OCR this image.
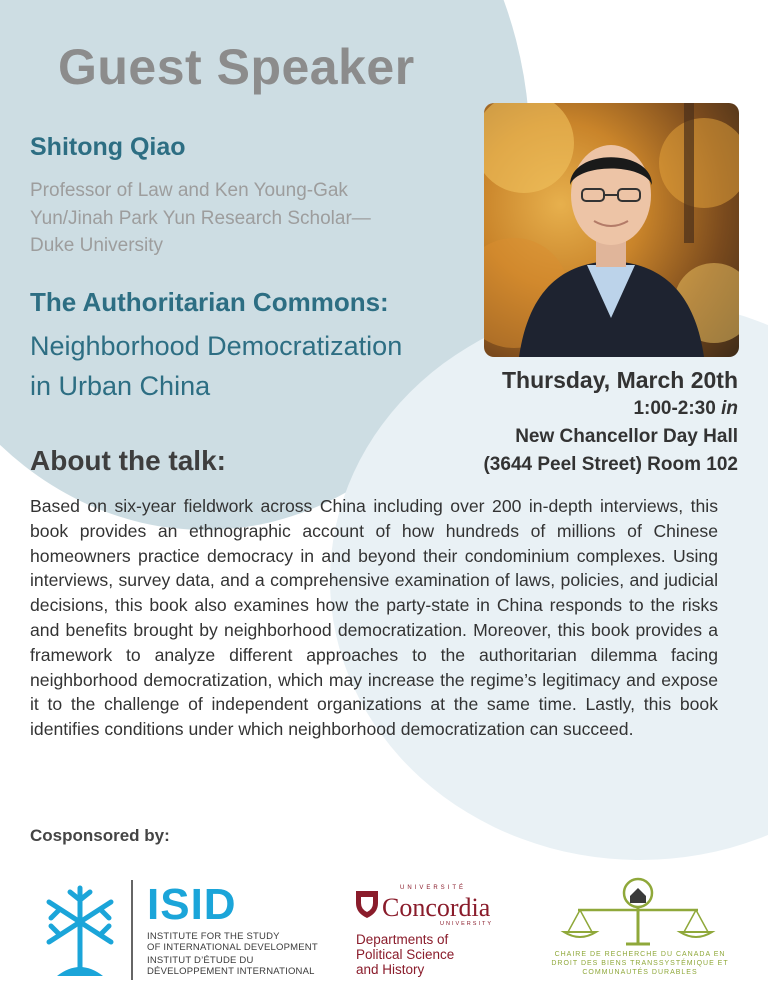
Guest Speaker
Shitong Qiao
Professor of Law and Ken Young-Gak
Yun/Jinah Park Yun Research Scholar—
Duke University
The Authoritarian Commons:
Neighborhood Democratization
in Urban China	Thursday, March 20th
1:00-2:30 in
New Chancellor Day Hall
(3644 Peel Street) Room 102
About the talk:
Based on six-year fieldwork across China including over 200 in-depth interviews, this book provides an ethnographic account of how hundreds of millions of Chinese homeowners practice democracy in and beyond their condominium complexes. Using interviews, survey data, and a comprehensive examination of laws, policies, and judicial decisions, this book also examines how the party-state in China responds to the risks and benefits brought by neighborhood democratization. Moreover, this book provides a framework to analyze different approaches to the authoritarian dilemma facing neighborhood democratization, which may increase the regime’s legitimacy and expose it to the challenge of independent organizations at the same time. Lastly, this book identifies conditions under which neighborhood democratization can succeed.
Cosponsored by:
ISID
INSTITUTE FOR THE STUDY
OF INTERNATIONAL DEVELOPMENT
INSTITUT D’ÉTUDE DU
DÉVELOPPEMENT INTERNATIONAL
UNIVERSITÉ
Concordia
UNIVERSITY
Departments of
Political Science
and History
CHAIRE DE RECHERCHE DU CANADA EN
DROIT DES BIENS TRANSSYSTÉMIQUE ET
COMMUNAUTÉS DURABLES
